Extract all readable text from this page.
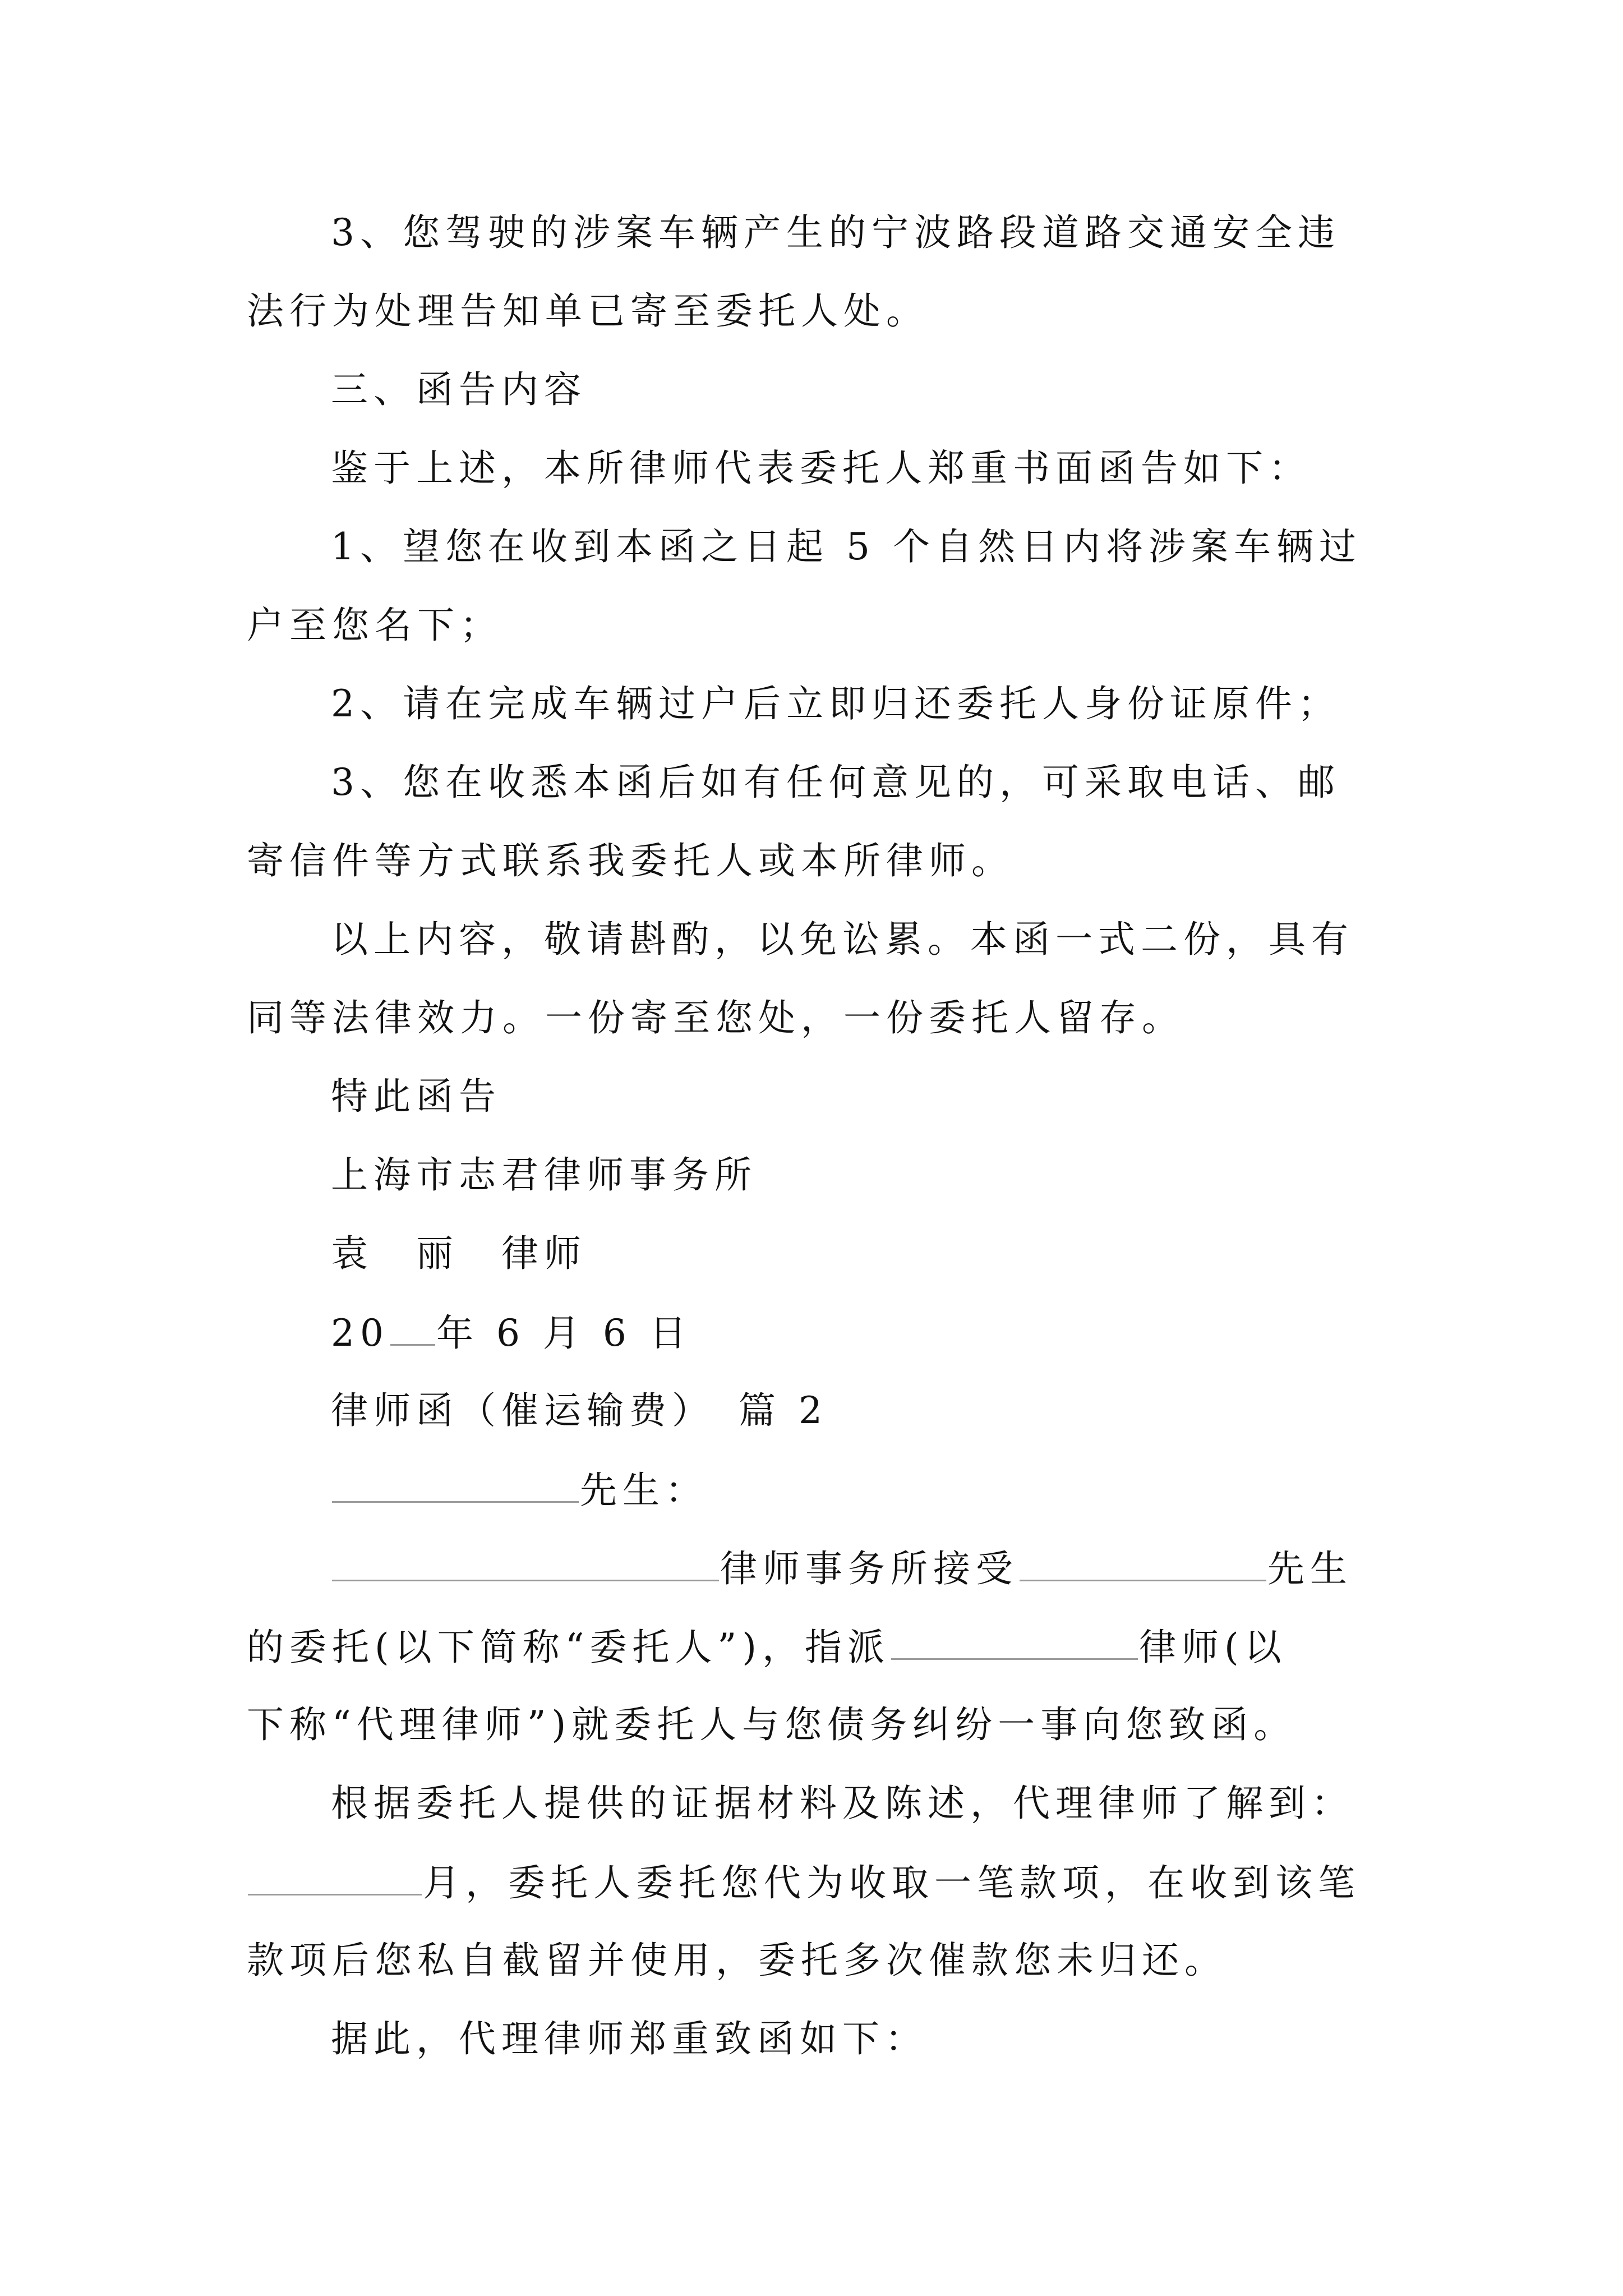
3、您驾驶的涉案车辆产生的宁波路段道路交通安全违
法行为处理告知单已寄至委托人处。
三、函告内容
鉴于上述，本所律师代表委托人郑重书面函告如下：
1、望您在收到本函之日起 5 个自然日内将涉案车辆过
户至您名下；
2、请在完成车辆过户后立即归还委托人身份证原件；
3、您在收悉本函后如有任何意见的，可采取电话、邮
寄信件等方式联系我委托人或本所律师。
以上内容，敬请斟酌，以免讼累。本函一式二份，具有
同等法律效力。一份寄至您处，一份委托人留存。
特此函告
上海市志君律师事务所
袁　丽　律师
20 年 6 月 6 日
律师函（催运输费）　篇 2
先生：
律师事务所接受	先生
的委托(以下简称“委托人”)，指派	律师(以
下称“代理律师”)就委托人与您债务纠纷一事向您致函。
根据委托人提供的证据材料及陈述，代理律师了解到：
月，委托人委托您代为收取一笔款项，在收到该笔
款项后您私自截留并使用，委托多次催款您未归还。
据此，代理律师郑重致函如下：
